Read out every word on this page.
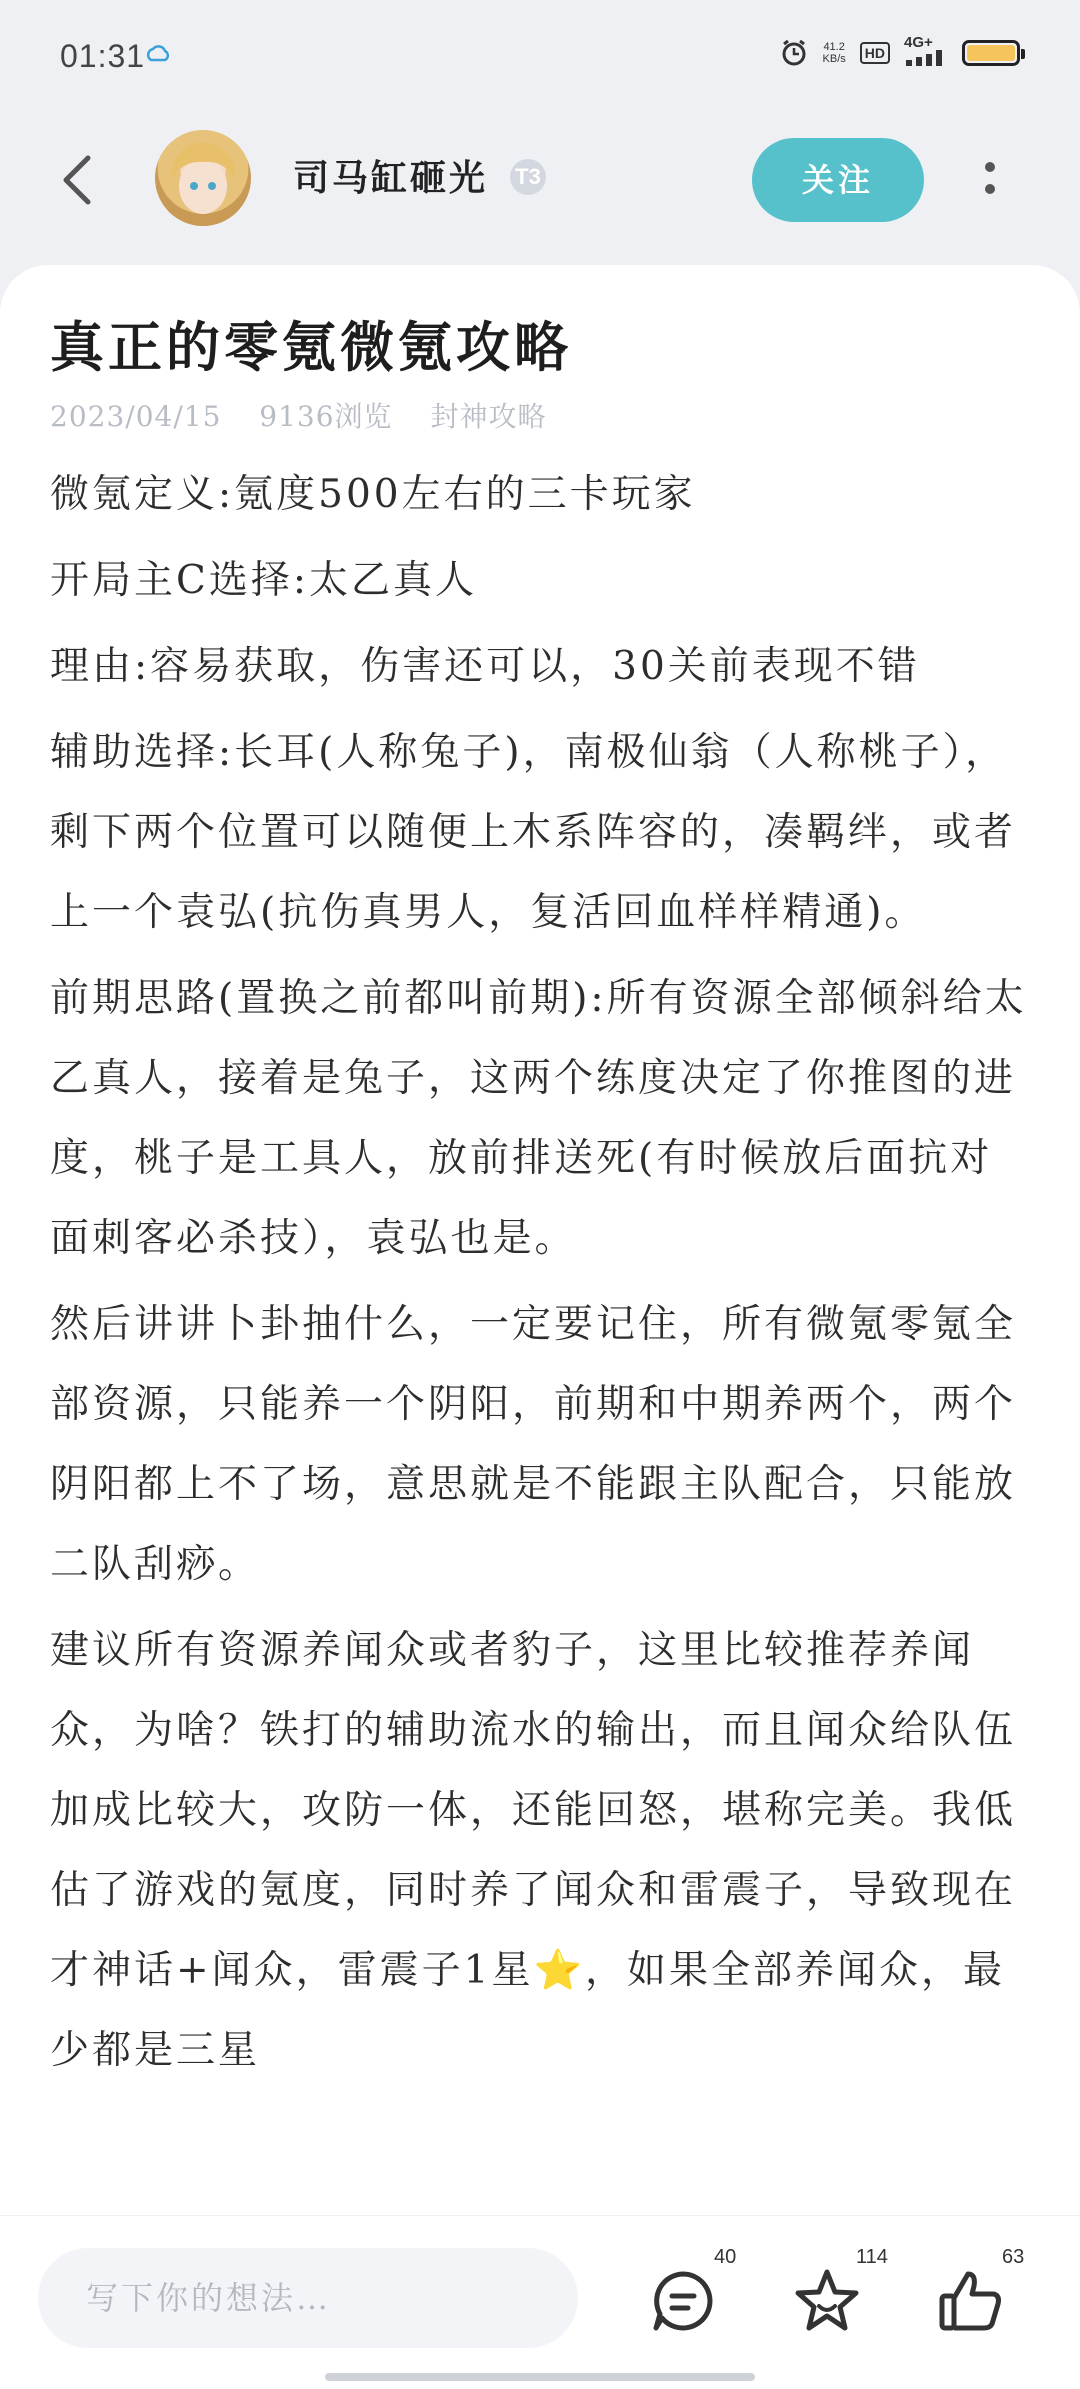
01:31	41.2
KB/s	HD
4G+
司马缸砸光 T3	关注
真正的零氪微氪攻略
2023/04/15 9136浏览 封神攻略

微氪定义:氪度500左右的三卡玩家

开局主C选择:太乙真人

理由:容易获取，伤害还可以，30关前表现不错

辅助选择:长耳(人称兔子)，南极仙翁（人称桃子），剩下两个位置可以随便上木系阵容的，凑羁绊，或者上一个袁弘(抗伤真男人，复活回血样样精通)。

前期思路(置换之前都叫前期):所有资源全部倾斜给太乙真人，接着是兔子，这两个练度决定了你推图的进度，桃子是工具人，放前排送死(有时候放后面抗对面刺客必杀技），袁弘也是。

然后讲讲卜卦抽什么，一定要记住，所有微氪零氪全部资源，只能养一个阴阳，前期和中期养两个，两个阴阳都上不了场，意思就是不能跟主队配合，只能放二队刮痧。

建议所有资源养闻众或者豹子，这里比较推荐养闻众，为啥？铁打的辅助流水的输出，而且闻众给队伍加成比较大，攻防一体，还能回怒，堪称完美。我低估了游戏的氪度，同时养了闻众和雷震子，导致现在才神话+闻众，雷震子1星⭐，如果全部养闻众，最少都是三星

写下你的想法…
40	114	63
